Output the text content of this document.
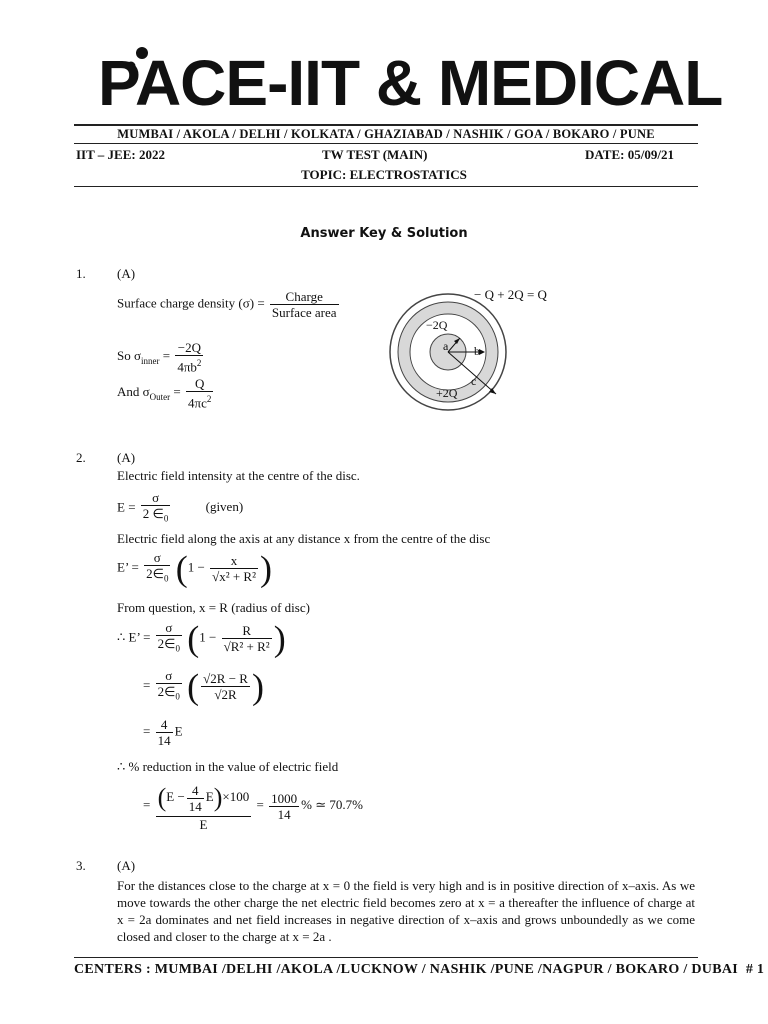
PACE-IIT & MEDICAL
MUMBAI / AKOLA / DELHI / KOLKATA / GHAZIABAD / NASHIK / GOA / BOKARO / PUNE
IIT – JEE: 2022	TW TEST (MAIN)	DATE: 05/09/21
TOPIC: ELECTROSTATICS
Answer Key & Solution
1. (A)
Surface charge density $(\sigma) = \frac{\text{Charge}}{\text{Surface area}}$
So $\sigma_{inner} = \frac{-2Q}{4\pi b^2}$
And $\sigma_{Outer} = \frac{Q}{4\pi c^2}$
− Q + 2Q = Q
−2Q
+2Q
a b
c
2. (A)
Electric field intensity at the centre of the disc.
$E = \frac{\sigma}{2 \in_0}$	(given)
Electric field along the axis at any distance x from the centre of the disc
E’ = $\frac{\sigma}{2\in_0} (1 - \frac{x}{\text{√x² + R²}}$ )
From question, x = R (radius of disc)
∴ E’ = $\frac{\sigma}{2\in_0} (1 - \frac{R}{\text{√R² + R²}}$ )
= $\frac{\sigma}{2\in_0}$ ( $\frac{√2R - R}{√2R}$ )
= $\frac{4}{14}$ E
∴ % reduction in the value of electric field
= $\frac{(E - \frac{4}{14} E)\times 100}{E} = \frac{1000}{14}$ % ≃ 70.7%
3. (A)
For the distances close to the charge at x = 0 the field is very high and is in positive direction of x–axis. As we move towards the other charge the net electric field becomes zero at x = a thereafter the influence of charge at x = 2a dominates and net field increases in negative direction of x–axis and grows unboundedly as we come closed and closer to the charge at x = 2a .
CENTERS : MUMBAI /DELHI /AKOLA /LUCKNOW / NASHIK /PUNE /NAGPUR / BOKARO / DUBAI # 1
